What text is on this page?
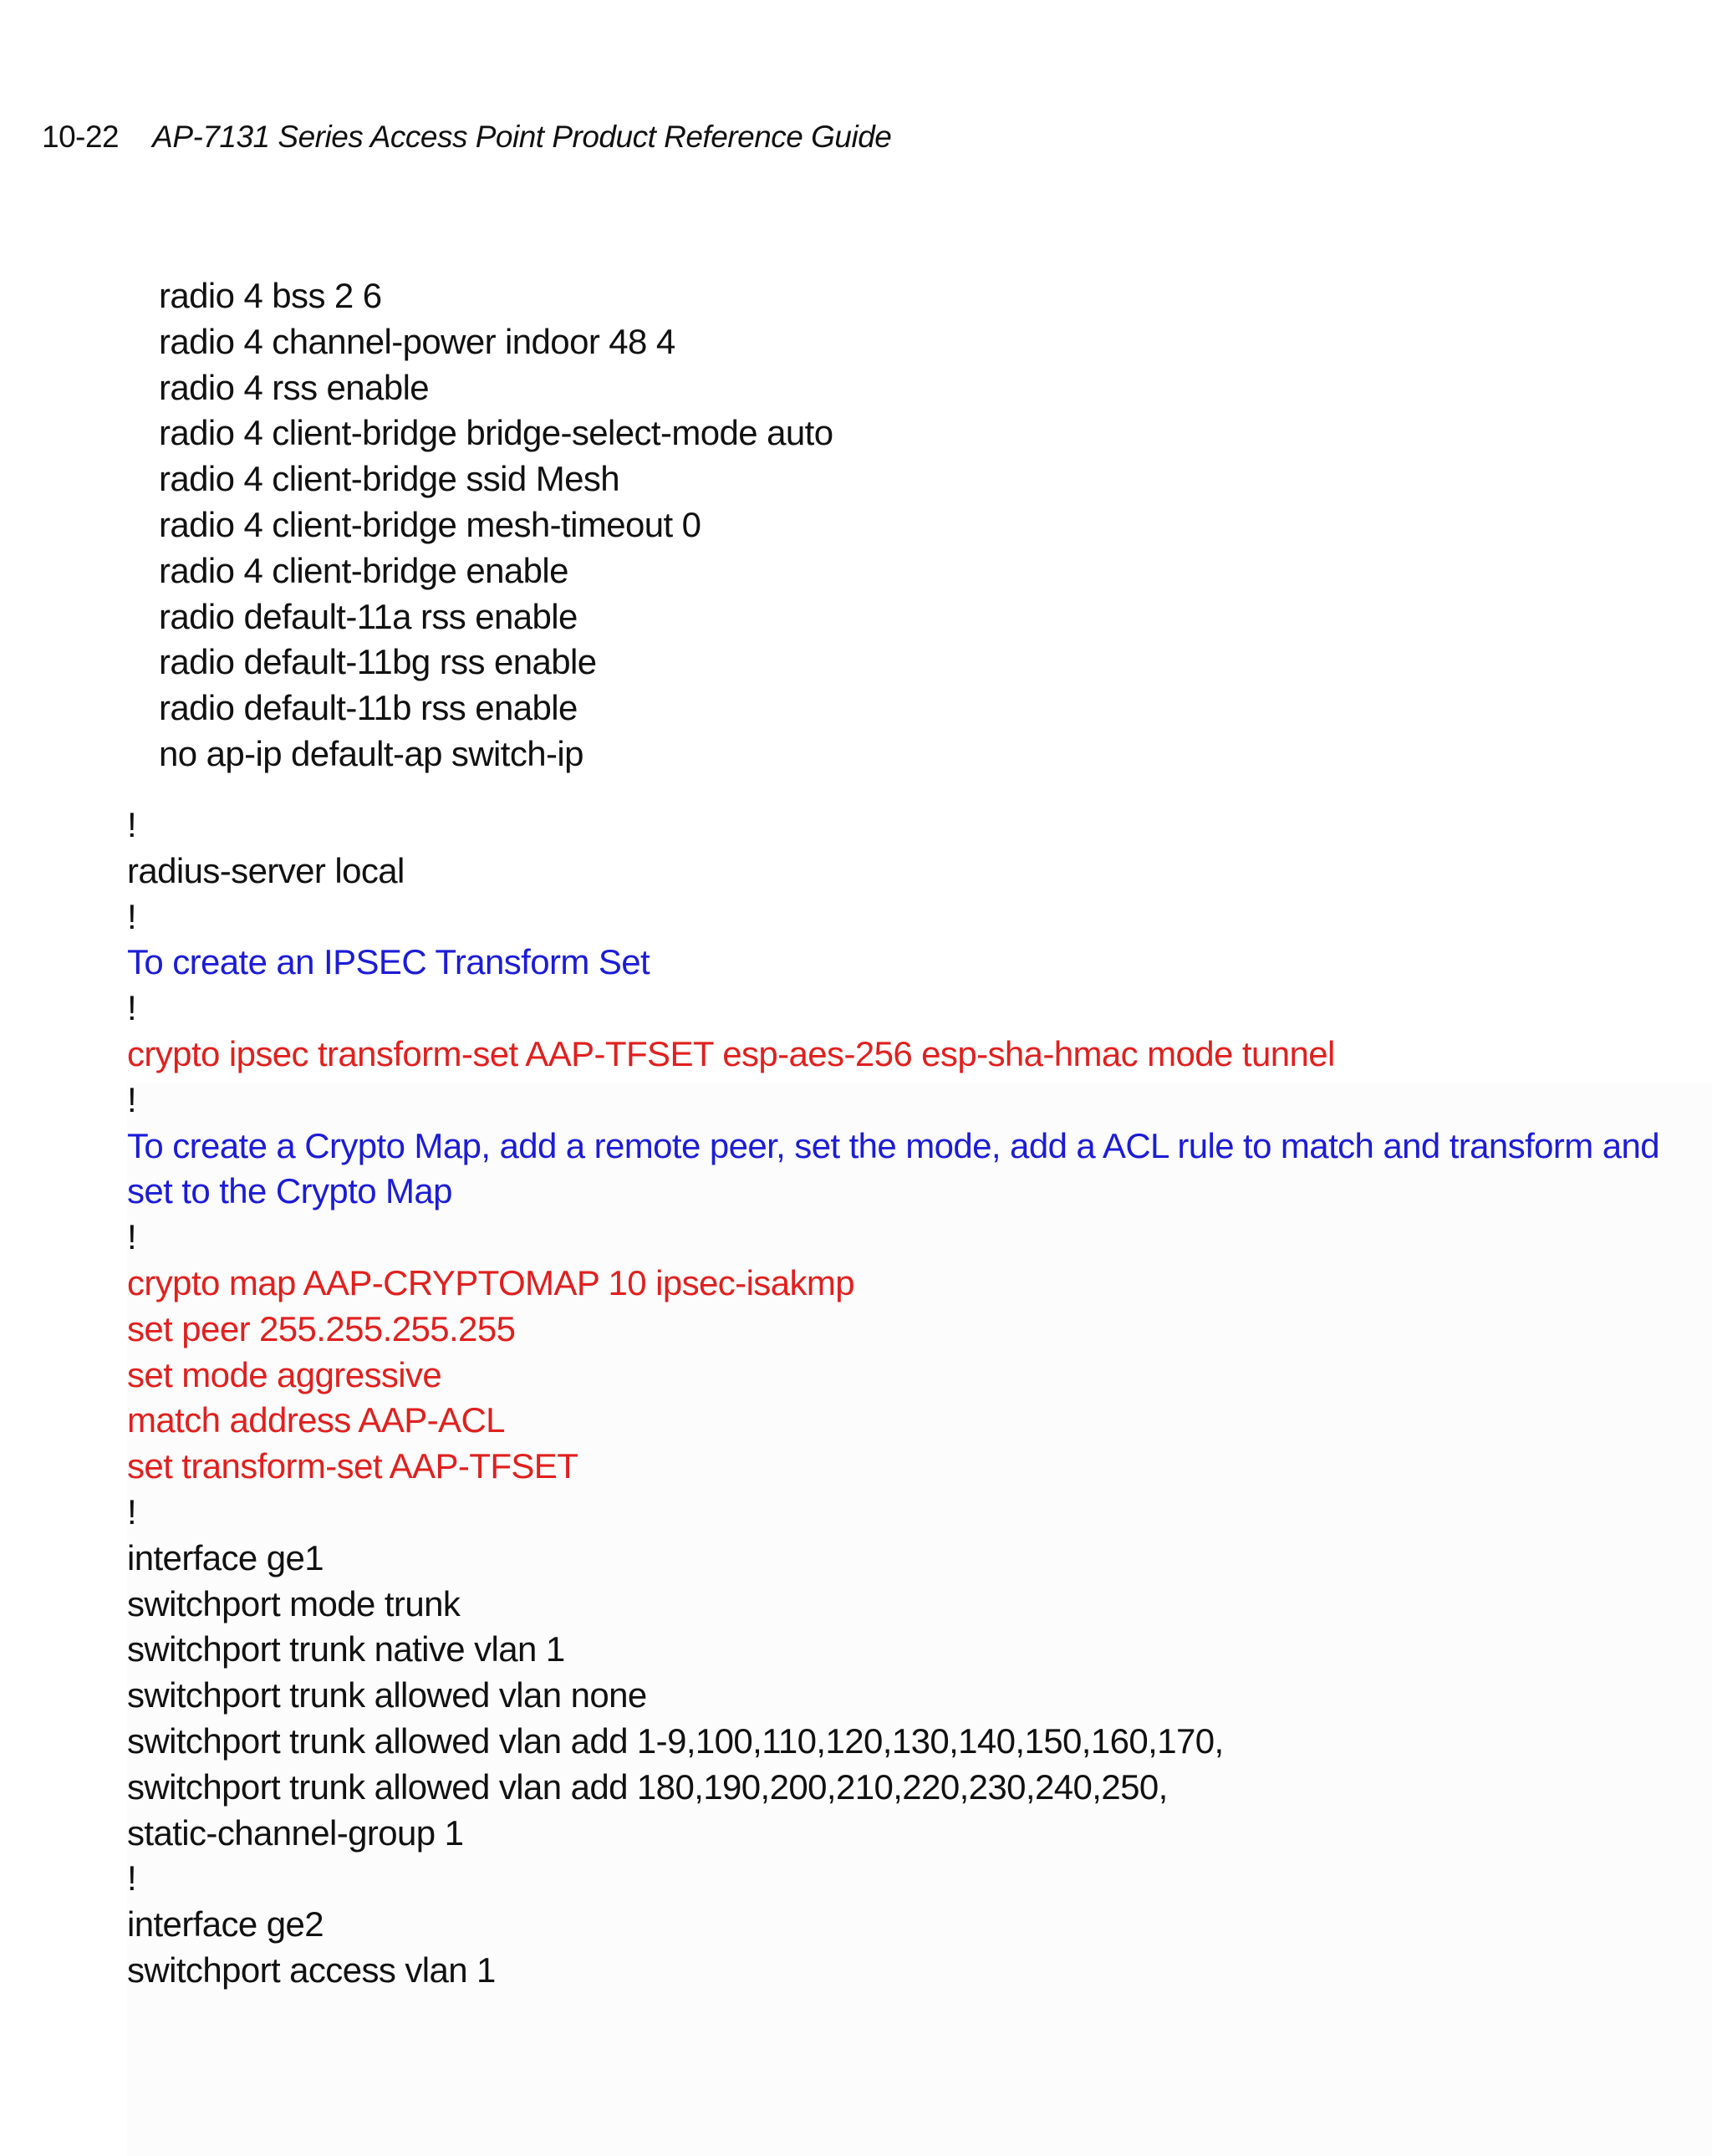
10-22 AP-7131 Series Access Point Product Reference Guide
radio 4 bss 2 6
radio 4 channel-power indoor 48 4
radio 4 rss enable
radio 4 client-bridge bridge-select-mode auto
radio 4 client-bridge ssid Mesh
radio 4 client-bridge mesh-timeout 0
radio 4 client-bridge enable
radio default-11a rss enable
radio default-11bg rss enable
radio default-11b rss enable
no ap-ip default-ap switch-ip
!
radius-server local
!
To create an IPSEC Transform Set
!
crypto ipsec transform-set AAP-TFSET esp-aes-256 esp-sha-hmac mode tunnel
!
To create a Crypto Map, add a remote peer, set the mode, add a ACL rule to match and transform and
set to the Crypto Map
!
crypto map AAP-CRYPTOMAP 10 ipsec-isakmp
set peer 255.255.255.255
set mode aggressive
match address AAP-ACL
set transform-set AAP-TFSET
!
interface ge1
switchport mode trunk
switchport trunk native vlan 1
switchport trunk allowed vlan none
switchport trunk allowed vlan add 1-9,100,110,120,130,140,150,160,170,
switchport trunk allowed vlan add 180,190,200,210,220,230,240,250,
static-channel-group 1
!
interface ge2
switchport access vlan 1
